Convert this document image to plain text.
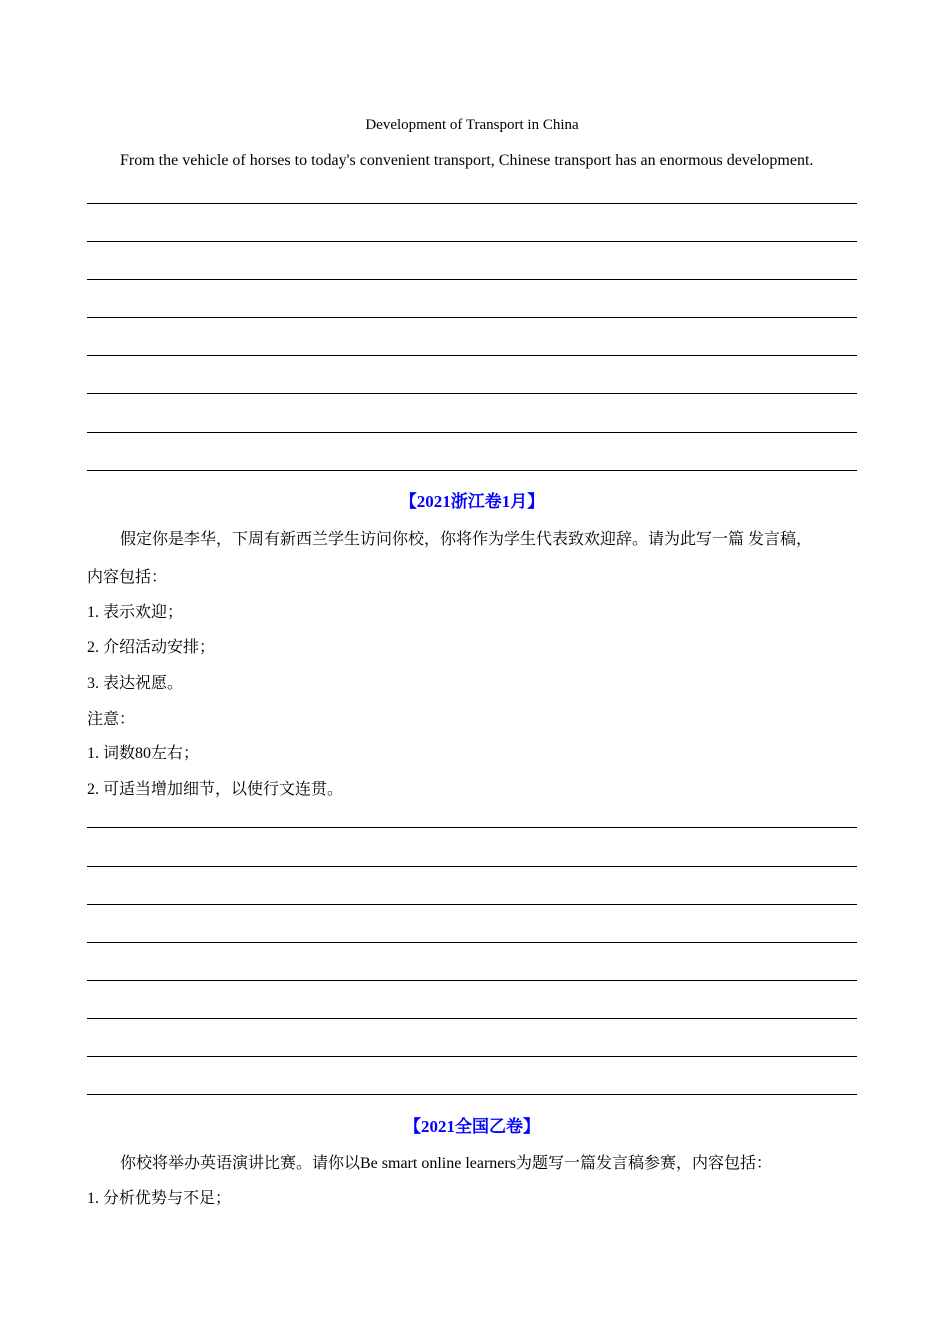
Development of Transport in China

From the vehicle of horses to today's convenient transport, Chinese transport has an enormous development.

【2021浙江卷1月】

假定你是李华，下周有新西兰学生访问你校，你将作为学生代表致欢迎辞。请为此写一篇 发言稿，

内容包括：

1. 表示欢迎；

2. 介绍活动安排；

3. 表达祝愿。

注意：

1. 词数80左右；

2. 可适当增加细节，以使行文连贯。

【2021全国乙卷】

你校将举办英语演讲比赛。请你以Be smart online learners为题写一篇发言稿参赛，内容包括：

1. 分析优势与不足；
